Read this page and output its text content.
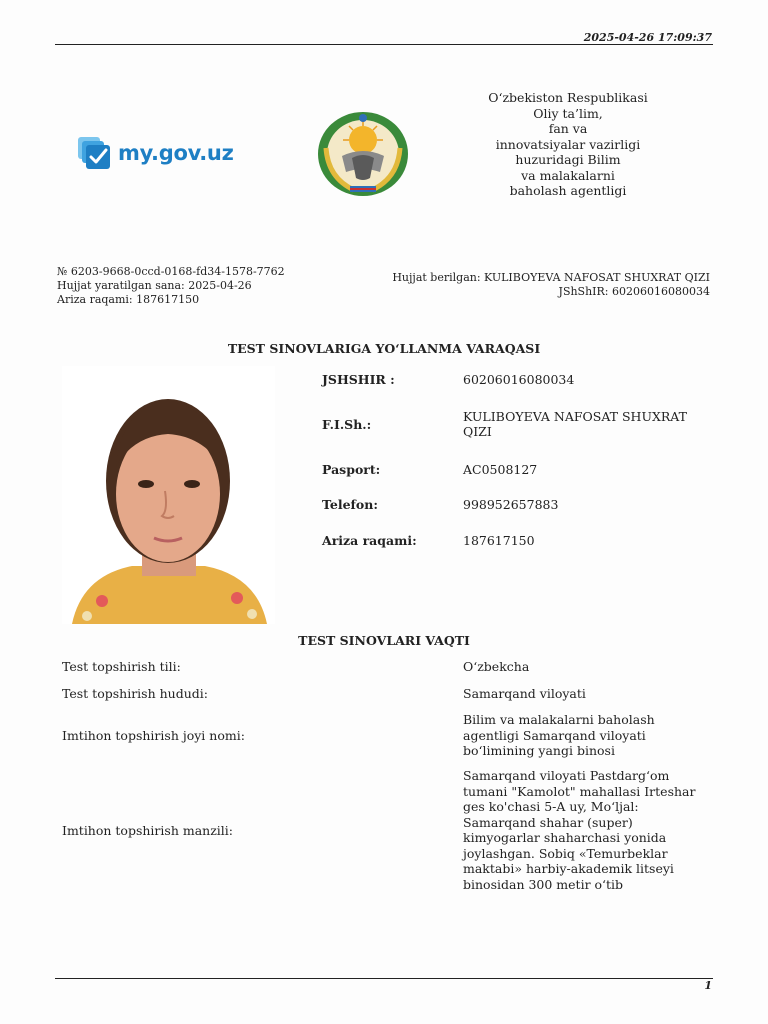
2025-04-26 17:09:37
my.gov.uz
O‘zbekiston Respublikasi
Oliy ta’lim,
fan va
innovatsiyalar vazirligi
huzuridagi Bilim
va malakalarni
baholash agentligi
№ 6203-9668-0ccd-0168-fd34-1578-7762
Hujjat yaratilgan sana: 2025-04-26
Ariza raqami: 187617150
Hujjat berilgan: KULIBOYEVA NAFOSAT SHUXRAT QIZI
JShShIR: 60206016080034
TEST SINOVLARIGA YO‘LLANMA VARAQASI
JSHSHIR :	60206016080034
F.I.Sh.:
KULIBOYEVA NAFOSAT SHUXRAT QIZI
Pasport:	AC0508127
Telefon:	998952657883
Ariza raqami:	187617150
TEST SINOVLARI VAQTI
Test topshirish tili:	O‘zbekcha
Test topshirish hududi:	Samarqand viloyati
Imtihon topshirish joyi nomi:
Bilim va malakalarni baholash agentligi Samarqand viloyati bo‘limining yangi binosi
Imtihon topshirish manzili:
Samarqand viloyati Pastdarg‘om tumani "Kamolot" mahallasi Irteshar ges ko'chasi 5-A uy, Mo‘ljal: Samarqand shahar (super) kimyogarlar shaharchasi yonida joylashgan. Sobiq «Temurbeklar maktabi» harbiy-akademik litseyi binosidan 300 metir o‘tib
1
